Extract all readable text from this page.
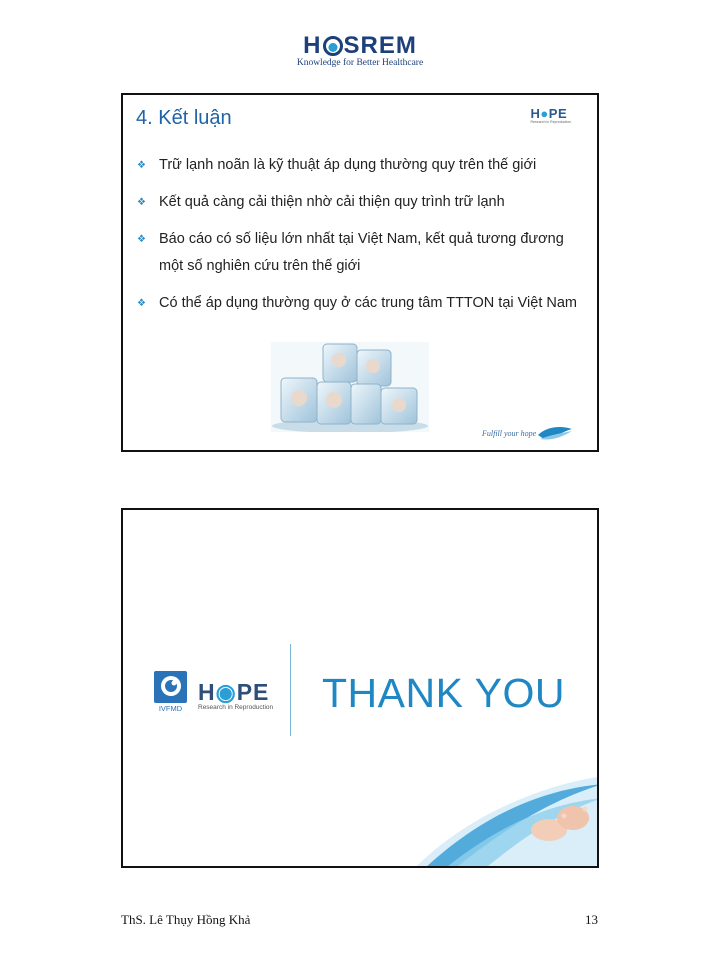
H SREM
Knowledge for Better Healthcare
4. Kết luận	H●PE
Research in Reproduction
❖ Trữ lạnh noãn là kỹ thuật áp dụng thường quy trên thế giới
❖ Kết quả càng cải thiện nhờ cải thiện quy trình trữ lạnh
❖ Báo cáo có số liệu lớn nhất tại Việt Nam, kết quả tương đương một số nghiên cứu trên thế giới
❖ Có thể áp dụng thường quy ở các trung tâm TTTON tại Việt Nam
Fulfill your hope
IVFMD
H◉PE
Research in Reproduction THANK YOU
ThS. Lê Thụy Hồng Khả	13
